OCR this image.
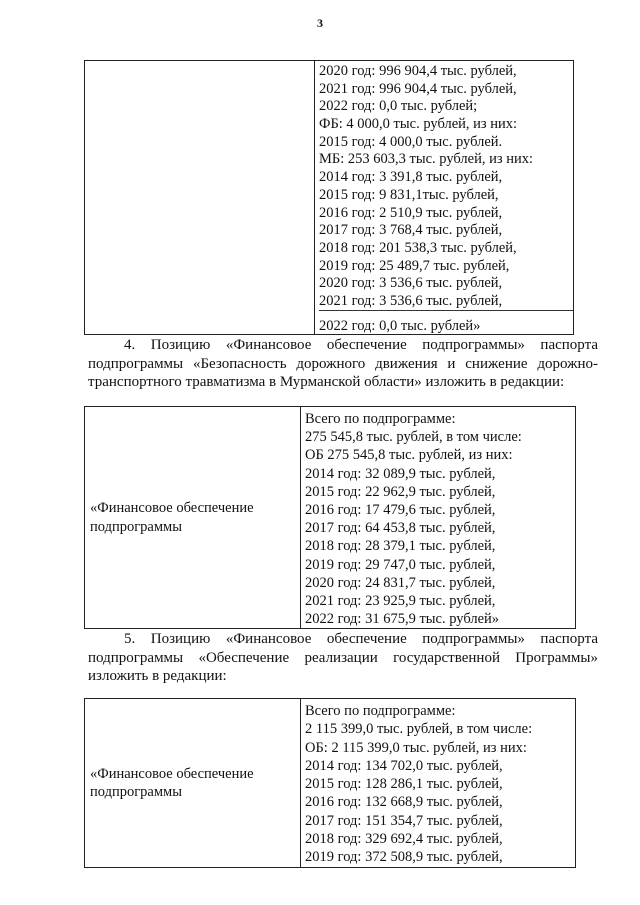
3

2020 год: 996 904,4 тыс. рублей,
2021 год: 996 904,4 тыс. рублей,
2022 год: 0,0 тыс. рублей;
ФБ: 4 000,0 тыс. рублей, из них:
2015 год: 4 000,0 тыс. рублей.
МБ: 253 603,3 тыс. рублей, из них:
2014 год: 3 391,8 тыс. рублей,
2015 год: 9 831,1тыс. рублей,
2016 год: 2 510,9 тыс. рублей,
2017 год: 3 768,4 тыс. рублей,
2018 год: 201 538,3 тыс. рублей,
2019 год: 25 489,7 тыс. рублей,
2020 год: 3 536,6 тыс. рублей,
2021 год: 3 536,6 тыс. рублей,
2022 год: 0,0 тыс. рублей»
4. Позицию «Финансовое обеспечение подпрограммы» паспорта подпрограммы «Безопасность дорожного движения и снижение дорожно-транспортного травматизма в Мурманской области» изложить в редакции:
«Финансовое обеспечение
подпрограммы

Всего по подпрограмме:
275 545,8 тыс. рублей, в том числе:
ОБ 275 545,8 тыс. рублей, из них:
2014 год: 32 089,9 тыс. рублей,
2015 год: 22 962,9 тыс. рублей,
2016 год: 17 479,6 тыс. рублей,
2017 год: 64 453,8 тыс. рублей,
2018 год: 28 379,1 тыс. рублей,
2019 год: 29 747,0 тыс. рублей,
2020 год: 24 831,7 тыс. рублей,
2021 год: 23 925,9 тыс. рублей,
2022 год: 31 675,9 тыс. рублей»
5. Позицию «Финансовое обеспечение подпрограммы» паспорта подпрограммы «Обеспечение реализации государственной Программы» изложить в редакции:
«Финансовое обеспечение
подпрограммы

Всего по подпрограмме:
2 115 399,0 тыс. рублей, в том числе:
ОБ: 2 115 399,0 тыс. рублей, из них:
2014 год: 134 702,0 тыс. рублей,
2015 год: 128 286,1 тыс. рублей,
2016 год: 132 668,9 тыс. рублей,
2017 год: 151 354,7 тыс. рублей,
2018 год: 329 692,4 тыс. рублей,
2019 год: 372 508,9 тыс. рублей,
